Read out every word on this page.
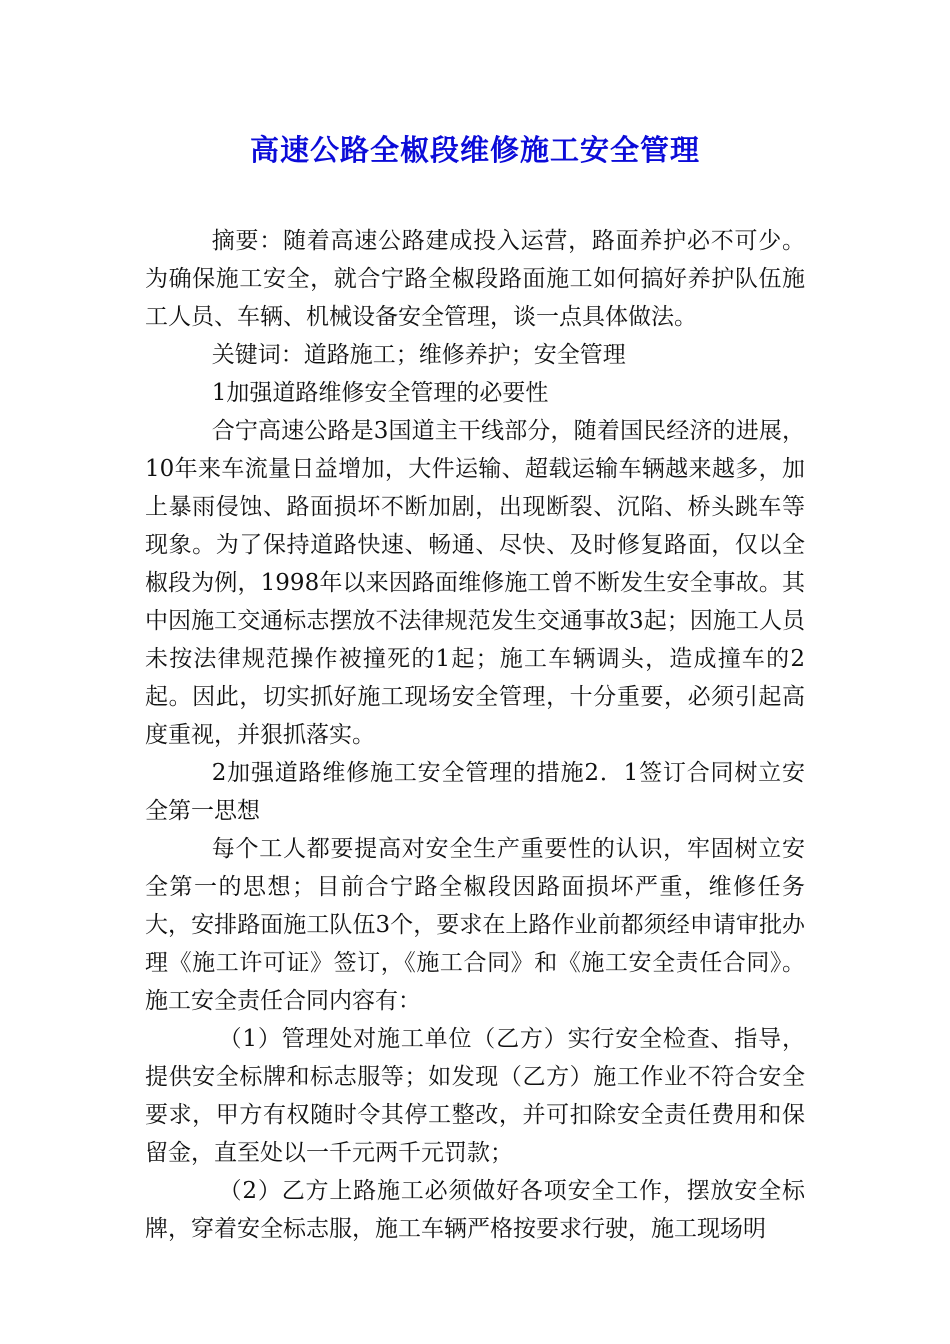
高速公路全椒段维修施工安全管理

摘要：随着高速公路建成投入运营，路面养护必不可少。为确保施工安全，就合宁路全椒段路面施工如何搞好养护队伍施工人员、车辆、机械设备安全管理，谈一点具体做法。

关键词：道路施工；维修养护；安全管理

1加强道路维修安全管理的必要性

合宁高速公路是3国道主干线部分，随着国民经济的进展，10年来车流量日益增加，大件运输、超载运输车辆越来越多，加上暴雨侵蚀、路面损坏不断加剧，出现断裂、沉陷、桥头跳车等现象。为了保持道路快速、畅通、尽快、及时修复路面，仅以全椒段为例，1998年以来因路面维修施工曾不断发生安全事故。其中因施工交通标志摆放不法律规范发生交通事故3起；因施工人员未按法律规范操作被撞死的1起；施工车辆调头，造成撞车的2起。因此，切实抓好施工现场安全管理，十分重要，必须引起高度重视，并狠抓落实。

2加强道路维修施工安全管理的措施2．1签订合同树立安全第一思想

每个工人都要提高对安全生产重要性的认识，牢固树立安全第一的思想；目前合宁路全椒段因路面损坏严重，维修任务大，安排路面施工队伍3个，要求在上路作业前都须经申请审批办理《施工许可证》签订，《施工合同》和《施工安全责任合同》。施工安全责任合同内容有：

（1）管理处对施工单位（乙方）实行安全检查、指导，提供安全标牌和标志服等；如发现（乙方）施工作业不符合安全要求，甲方有权随时令其停工整改，并可扣除安全责任费用和保留金，直至处以一千元两千元罚款；

（2）乙方上路施工必须做好各项安全工作，摆放安全标牌，穿着安全标志服，施工车辆严格按要求行驶，施工现场明
